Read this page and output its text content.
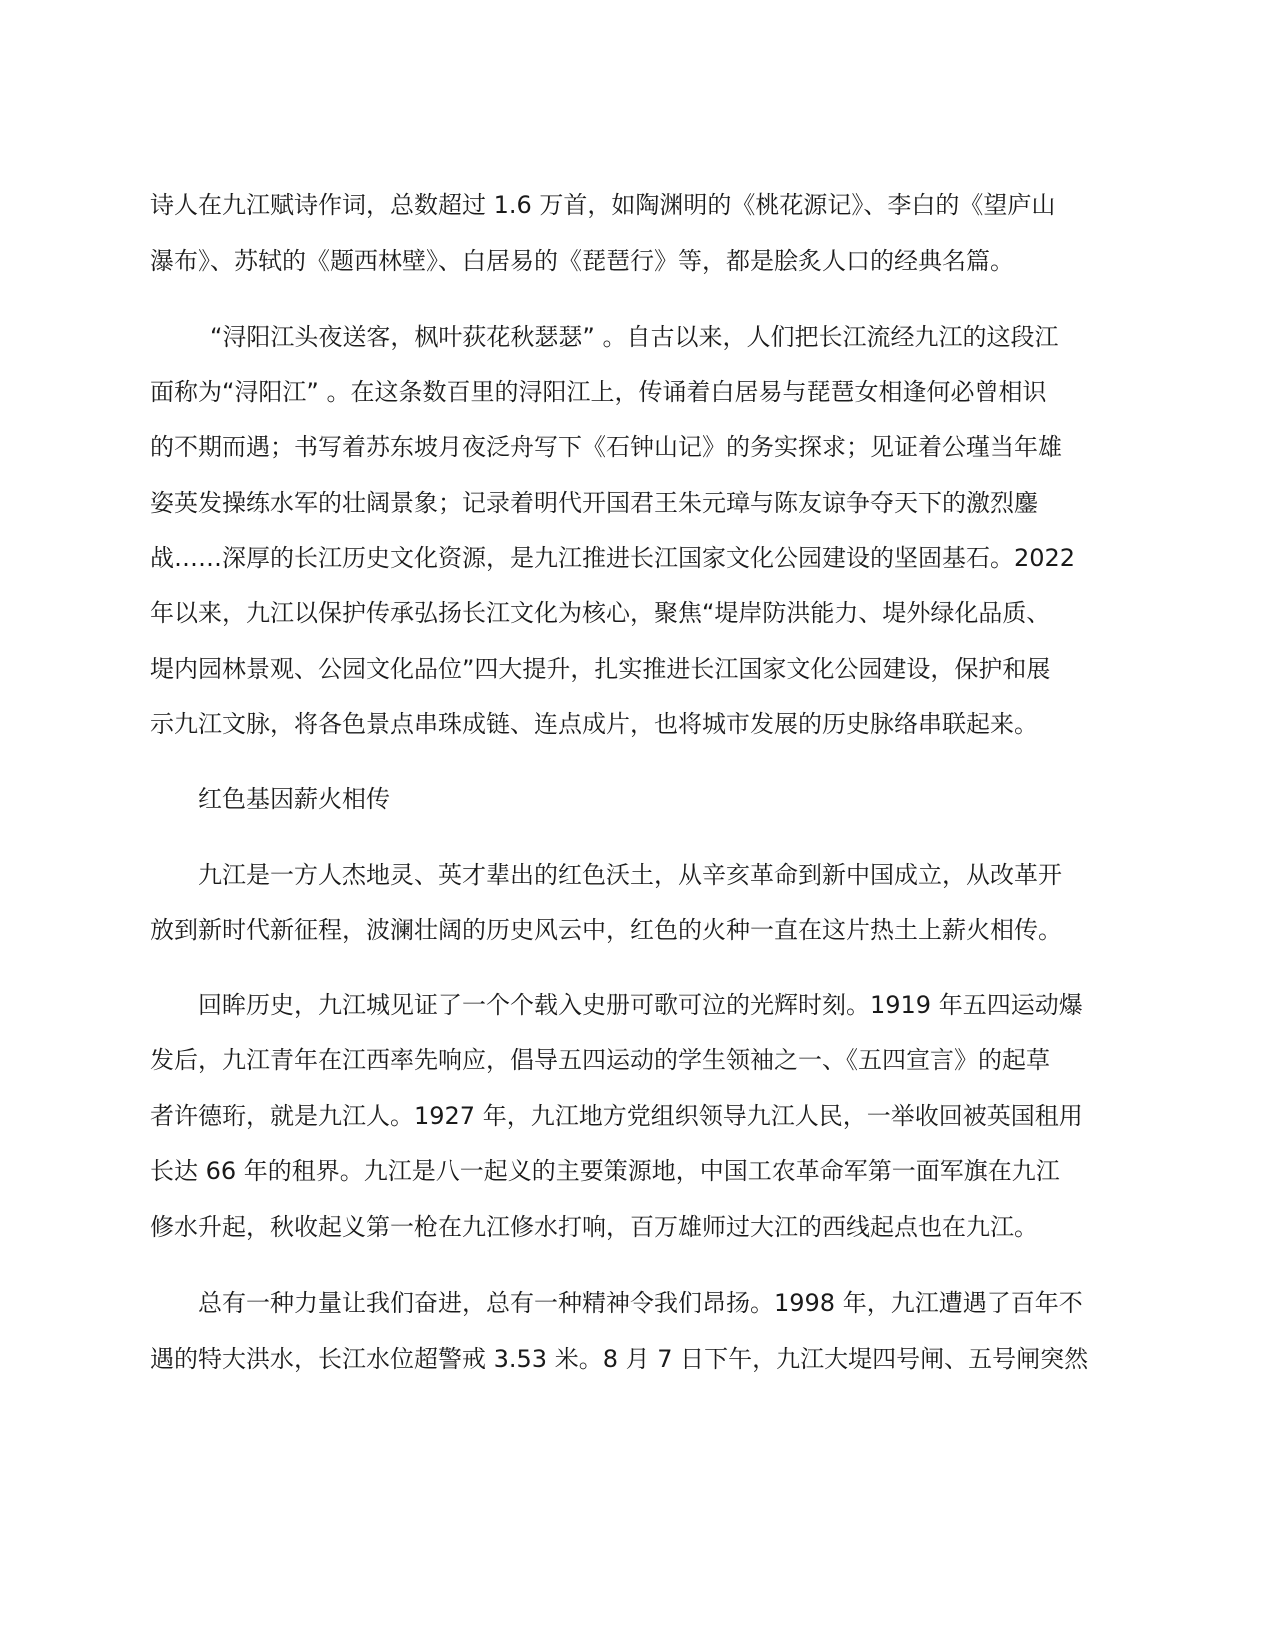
诗人在九江赋诗作词，总数超过 1.6 万首，如陶渊明的《桃花源记》、李白的《望庐山

瀑布》、苏轼的《题西林壁》、白居易的《琵琶行》等，都是脍炙人口的经典名篇。

“浔阳江头夜送客，枫叶荻花秋瑟瑟” 。自古以来，人们把长江流经九江的这段江

面称为“浔阳江” 。在这条数百里的浔阳江上，传诵着白居易与琵琶女相逢何必曾相识

的不期而遇；书写着苏东坡月夜泛舟写下《石钟山记》的务实探求；见证着公瑾当年雄

姿英发操练水军的壮阔景象；记录着明代开国君王朱元璋与陈友谅争夺天下的激烈鏖

战……深厚的长江历史文化资源，是九江推进长江国家文化公园建设的坚固基石。2022

年以来，九江以保护传承弘扬长江文化为核心，聚焦“堤岸防洪能力、堤外绿化品质、

堤内园林景观、公园文化品位”四大提升，扎实推进长江国家文化公园建设，保护和展

示九江文脉，将各色景点串珠成链、连点成片，也将城市发展的历史脉络串联起来。

红色基因薪火相传

九江是一方人杰地灵、英才辈出的红色沃土，从辛亥革命到新中国成立，从改革开

放到新时代新征程，波澜壮阔的历史风云中，红色的火种一直在这片热土上薪火相传。

回眸历史，九江城见证了一个个载入史册可歌可泣的光辉时刻。1919 年五四运动爆

发后，九江青年在江西率先响应，倡导五四运动的学生领袖之一、《五四宣言》的起草

者许德珩，就是九江人。1927 年，九江地方党组织领导九江人民，一举收回被英国租用

长达 66 年的租界。九江是八一起义的主要策源地，中国工农革命军第一面军旗在九江

修水升起，秋收起义第一枪在九江修水打响，百万雄师过大江的西线起点也在九江。

总有一种力量让我们奋进，总有一种精神令我们昂扬。1998 年，九江遭遇了百年不

遇的特大洪水，长江水位超警戒 3.53 米。8 月 7 日下午，九江大堤四号闸、五号闸突然
